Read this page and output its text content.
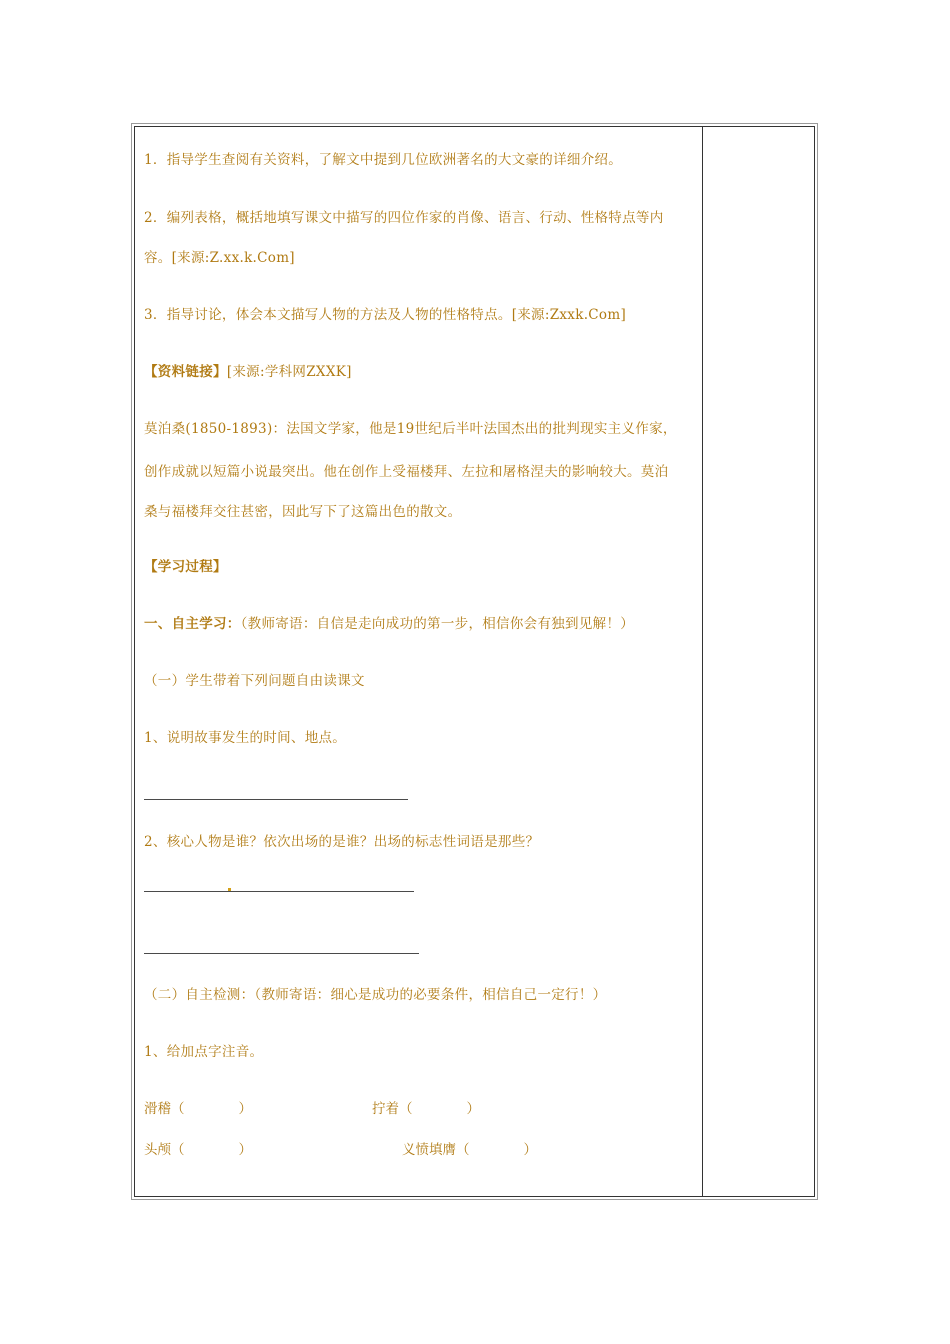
1．指导学生查阅有关资料，了解文中提到几位欧洲著名的大文豪的详细介绍。
2．编列表格，概括地填写课文中描写的四位作家的肖像、语言、行动、性格特点等内
容。[来源:Z.xx.k.Com]
3．指导讨论，体会本文描写人物的方法及人物的性格特点。[来源:Zxxk.Com]
【资料链接】[来源:学科网ZXXK]
莫泊桑(1850-1893)：法国文学家，他是19世纪后半叶法国杰出的批判现实主义作家，
创作成就以短篇小说最突出。他在创作上受福楼拜、左拉和屠格涅夫的影响较大。莫泊
桑与福楼拜交往甚密，因此写下了这篇出色的散文。
【学习过程】
一、自主学习：（教师寄语：自信是走向成功的第一步，相信你会有独到见解！）
（一）学生带着下列问题自由读课文
1、说明故事发生的时间、地点。
2、核心人物是谁？依次出场的是谁？出场的标志性词语是那些？
（二）自主检测：（教师寄语：细心是成功的必要条件，相信自己一定行！）
1、给加点字注音。
滑稽（　　　　）	拧着（　　　　）
头颅（　　　　）	义愤填膺（　　　　）
